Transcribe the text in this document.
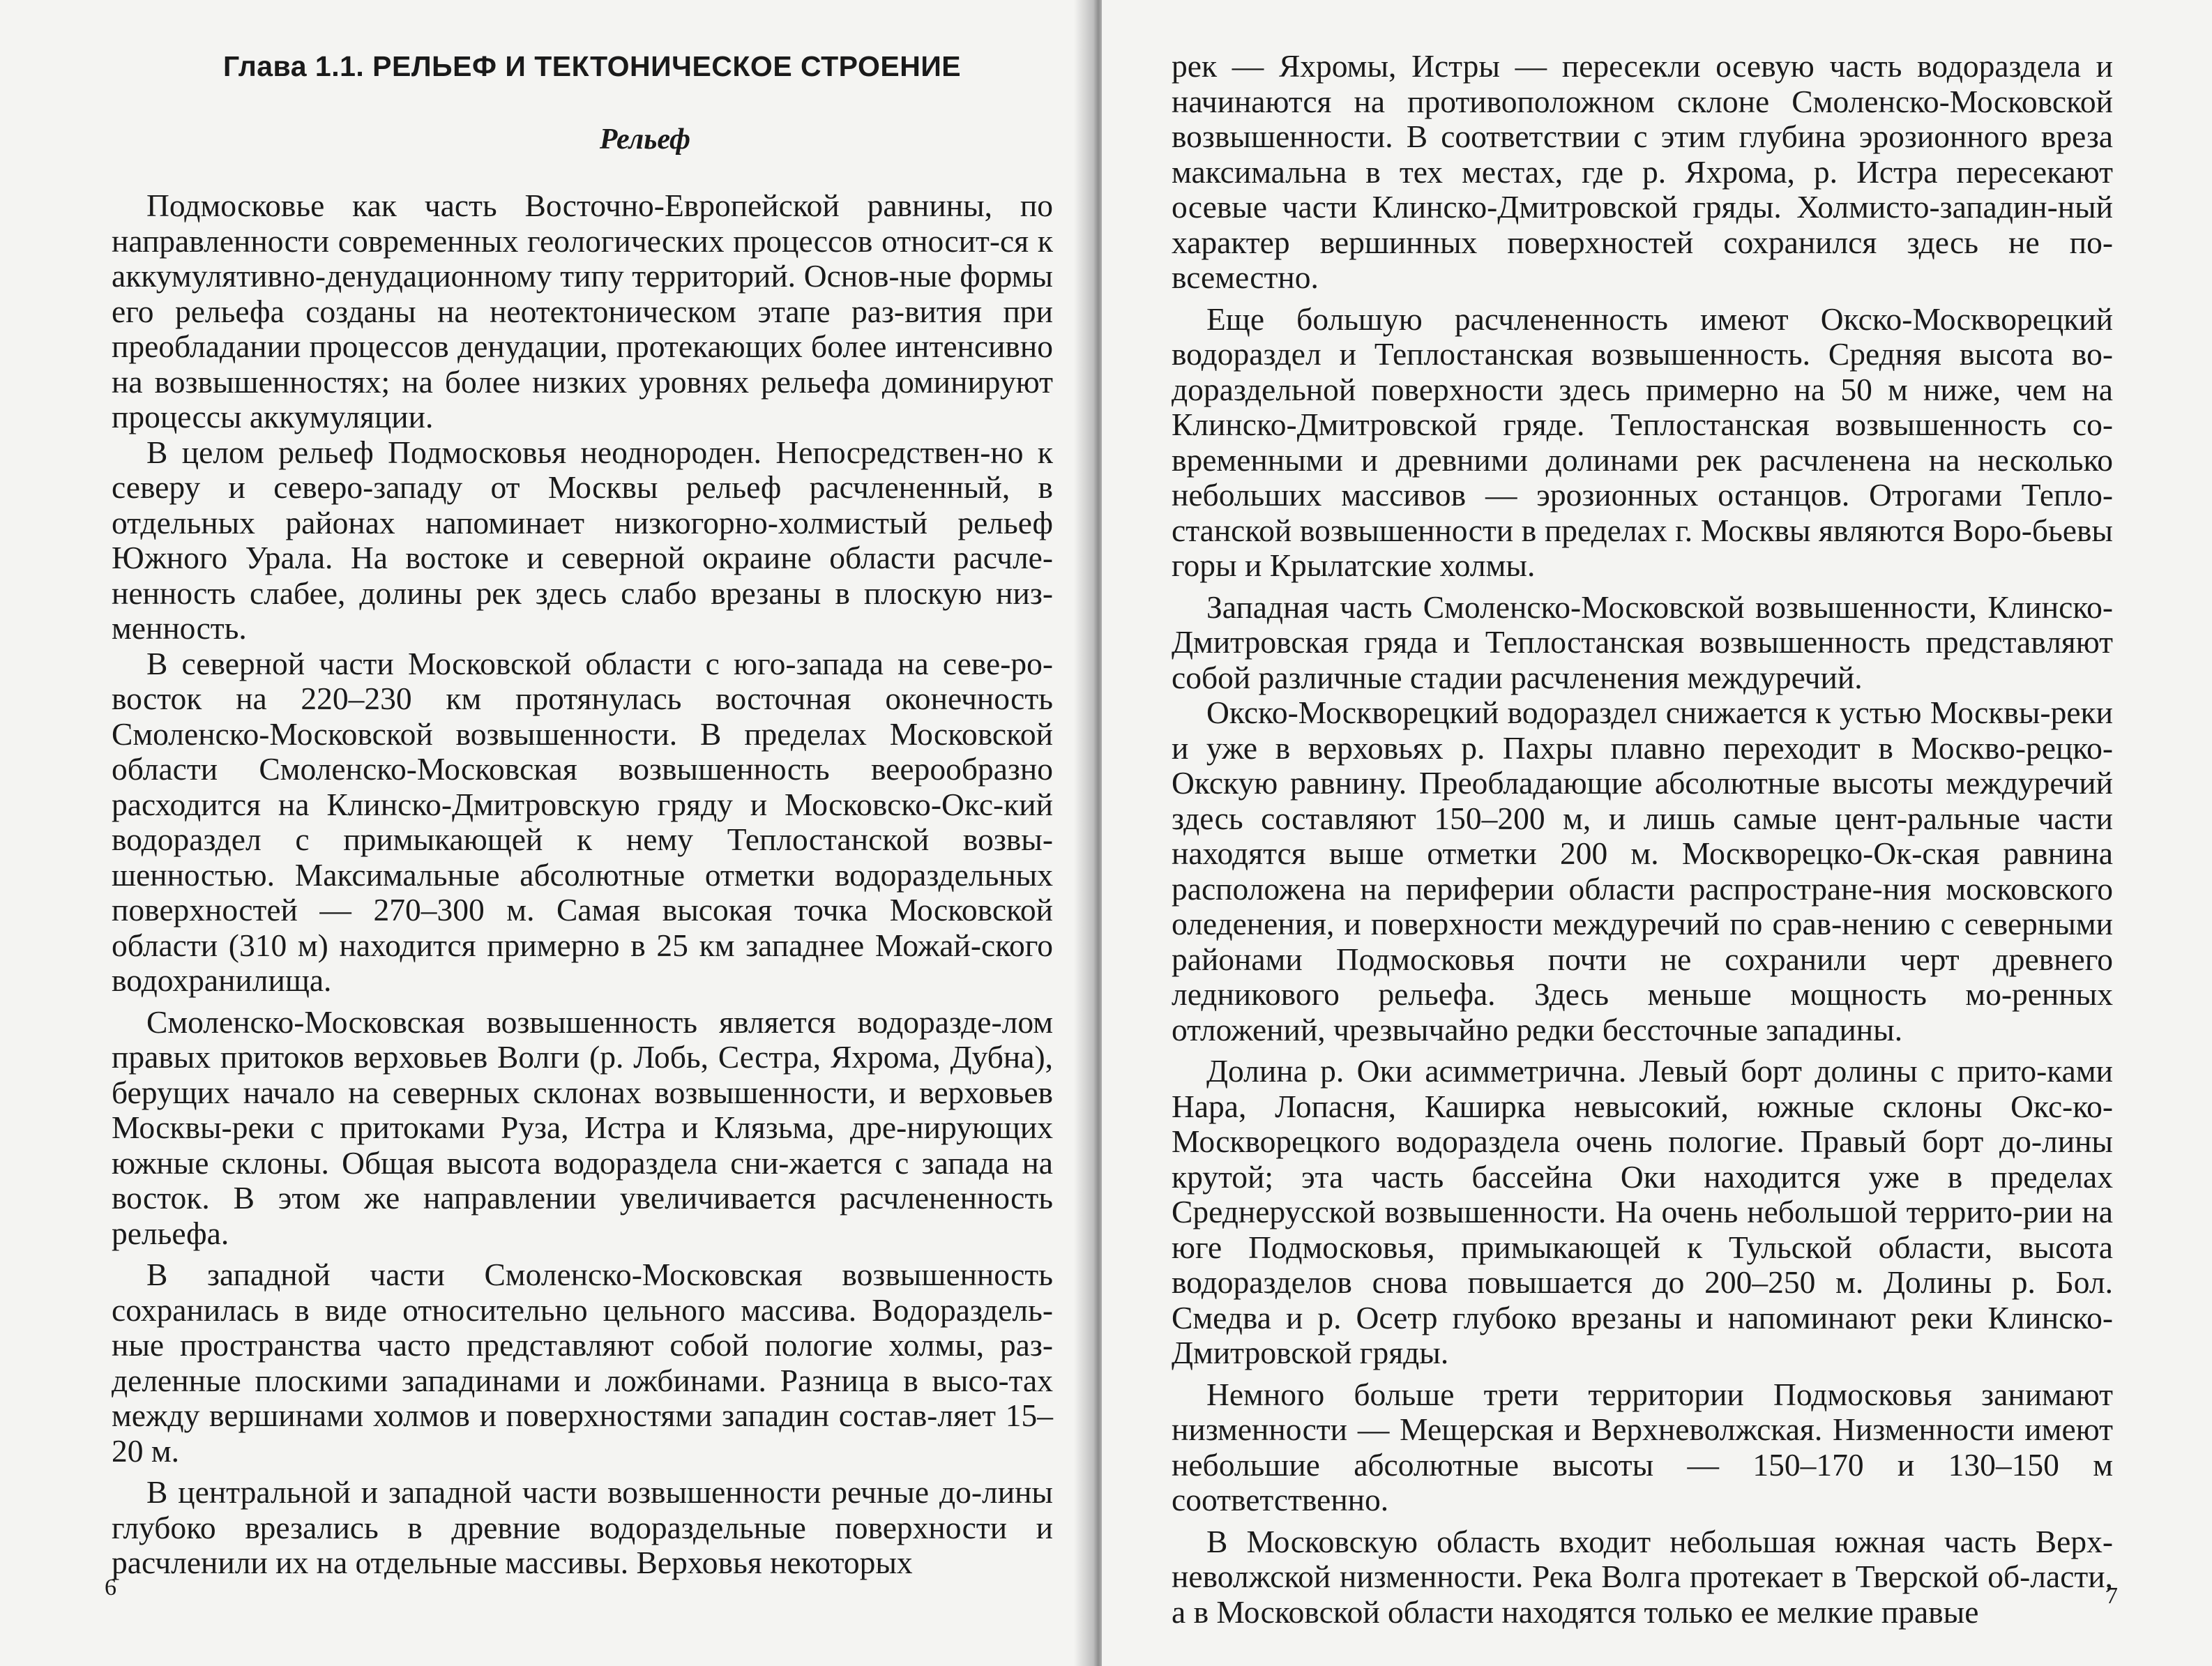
Глава 1.1. РЕЛЬЕФ И ТЕКТОНИЧЕСКОЕ СТРОЕНИЕ
Рельеф

Подмосковье как часть Восточно-Европейской равнины, по направленности современных геологических процессов относит-ся к аккумулятивно-денудационному типу территорий. Основ-ные формы его рельефа созданы на неотектоническом этапе раз-вития при преобладании процессов денудации, протекающих более интенсивно на возвышенностях; на более низких уровнях рельефа доминируют процессы аккумуляции.

В целом рельеф Подмосковья неоднороден. Непосредствен-но к северу и северо-западу от Москвы рельеф расчлененный, в отдельных районах напоминает низкогорно-холмистый рельеф Южного Урала. На востоке и северной окраине области расчле-ненность слабее, долины рек здесь слабо врезаны в плоскую низ-менность.

В северной части Московской области с юго-запада на севе-ро-восток на 220–230 км протянулась восточная оконечность Смоленско-Московской возвышенности. В пределах Московской области Смоленско-Московская возвышенность веерообразно расходится на Клинско-Дмитровскую гряду и Московско-Окс-кий водораздел с примыкающей к нему Теплостанской возвы-шенностью. Максимальные абсолютные отметки водораздельных поверхностей — 270–300 м. Самая высокая точка Московской области (310 м) находится примерно в 25 км западнее Можай-ского водохранилища.

Смоленско-Московская возвышенность является водоразде-лом правых притоков верховьев Волги (р. Лобь, Сестра, Яхрома, Дубна), берущих начало на северных склонах возвышенности, и верховьев Москвы-реки с притоками Руза, Истра и Клязьма, дре-нирующих южные склоны. Общая высота водораздела сни-жается с запада на восток. В этом же направлении увеличивается расчлененность рельефа.

В западной части Смоленско-Московская возвышенность сохранилась в виде относительно цельного массива. Водораздель-ные пространства часто представляют собой пологие холмы, раз-деленные плоскими западинами и ложбинами. Разница в высо-тах между вершинами холмов и поверхностями западин состав-ляет 15–20 м.

В центральной и западной части возвышенности речные до-лины глубоко врезались в древние водораздельные поверхности и расчленили их на отдельные массивы. Верховья некоторых

6

рек — Яхромы, Истры — пересекли осевую часть водораздела и начинаются на противоположном склоне Смоленско-Московской возвышенности. В соответствии с этим глубина эрозионного вреза максимальна в тех местах, где р. Яхрома, р. Истра пересекают осевые части Клинско-Дмитровской гряды. Холмисто-западин-ный характер вершинных поверхностей сохранился здесь не по-всеместно.

Еще большую расчлененность имеют Окско-Москворецкий водораздел и Теплостанская возвышенность. Средняя высота во-дораздельной поверхности здесь примерно на 50 м ниже, чем на Клинско-Дмитровской гряде. Теплостанская возвышенность со-временными и древними долинами рек расчленена на несколько небольших массивов — эрозионных останцов. Отрогами Тепло-станской возвышенности в пределах г. Москвы являются Воро-бьевы горы и Крылатские холмы.

Западная часть Смоленско-Московской возвышенности, Клинско-Дмитровская гряда и Теплостанская возвышенность представляют собой различные стадии расчленения междуречий.

Окско-Москворецкий водораздел снижается к устью Москвы-реки и уже в верховьях р. Пахры плавно переходит в Москво-рецко-Окскую равнину. Преобладающие абсолютные высоты междуречий здесь составляют 150–200 м, и лишь самые цент-ральные части находятся выше отметки 200 м. Москворецко-Ок-ская равнина расположена на периферии области распростране-ния московского оледенения, и поверхности междуречий по срав-нению с северными районами Подмосковья почти не сохранили черт древнего ледникового рельефа. Здесь меньше мощность мо-ренных отложений, чрезвычайно редки бессточные западины.

Долина р. Оки асимметрична. Левый борт долины с прито-ками Нара, Лопасня, Каширка невысокий, южные склоны Окс-ко-Москворецкого водораздела очень пологие. Правый борт до-лины крутой; эта часть бассейна Оки находится уже в пределах Среднерусской возвышенности. На очень небольшой террито-рии на юге Подмосковья, примыкающей к Тульской области, высота водоразделов снова повышается до 200–250 м. Долины р. Бол. Смедва и р. Осетр глубоко врезаны и напоминают реки Клинско-Дмитровской гряды.

Немного больше трети территории Подмосковья занимают низменности — Мещерская и Верхневолжская. Низменности имеют небольшие абсолютные высоты — 150–170 и 130–150 м соответственно.

В Московскую область входит небольшая южная часть Верх-неволжской низменности. Река Волга протекает в Тверской об-ласти, а в Московской области находятся только ее мелкие правые	7
